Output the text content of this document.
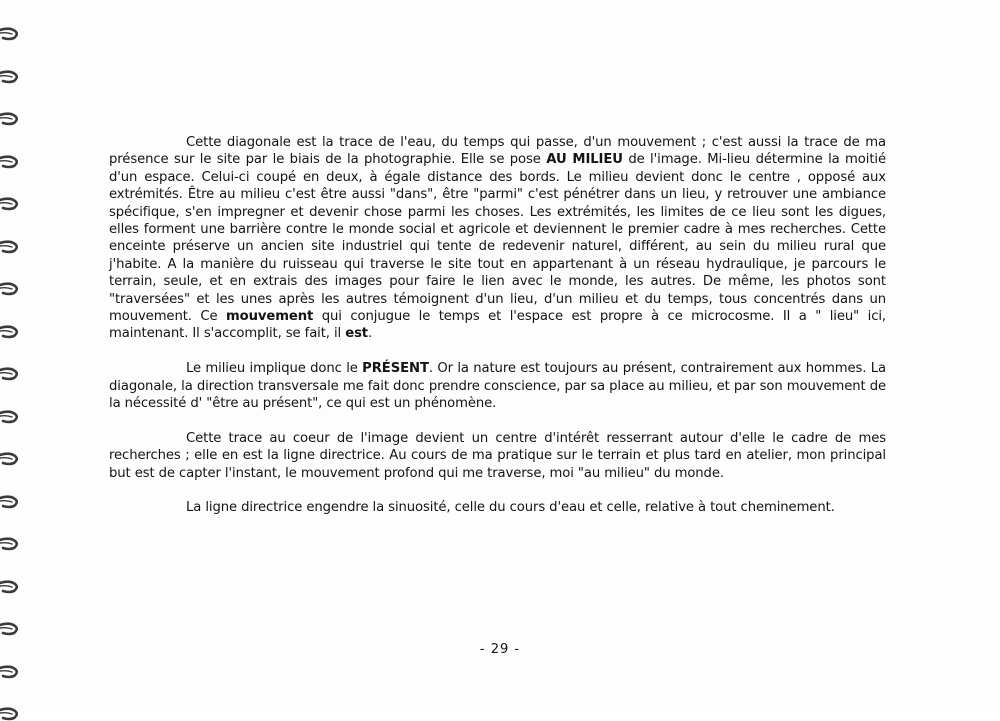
Cette diagonale est la trace de l'eau, du temps qui passe, d'un mouvement ; c'est aussi la trace de ma présence sur le site par le biais de la photographie. Elle se pose AU MILIEU de l'image. Mi-lieu détermine la moitié d'un espace. Celui-ci coupé en deux, à égale distance des bords. Le milieu devient donc le centre , opposé aux extrémités. Être au milieu c'est être aussi "dans", être "parmi" c'est pénétrer dans un lieu, y retrouver une ambiance spécifique, s'en impregner et devenir chose parmi les choses. Les extrémités, les limites de ce lieu sont les digues, elles forment une barrière contre le monde social et agricole et deviennent le premier cadre à mes recherches. Cette enceinte préserve un ancien site industriel qui tente de redevenir naturel, différent, au sein du milieu rural que j'habite. A la manière du ruisseau qui traverse le site tout en appartenant à un réseau hydraulique, je parcours le terrain, seule, et en extrais des images pour faire le lien avec le monde, les autres. De même, les photos sont "traversées" et les unes après les autres témoignent d'un lieu, d'un milieu et du temps, tous concentrés dans un mouvement. Ce mouvement qui conjugue le temps et l'espace est propre à ce microcosme. Il a " lieu" ici, maintenant. Il s'accomplit, se fait, il est.

Le milieu implique donc le PRÉSENT. Or la nature est toujours au présent, contrairement aux hommes. La diagonale, la direction transversale me fait donc prendre conscience, par sa place au milieu, et par son mouvement de la nécessité d' "être au présent", ce qui est un phénomène.

Cette trace au coeur de l'image devient un centre d'intérêt resserrant autour d'elle le cadre de mes recherches ; elle en est la ligne directrice. Au cours de ma pratique sur le terrain et plus tard en atelier, mon principal but est de capter l'instant, le mouvement profond qui me traverse, moi "au milieu" du monde.

La ligne directrice engendre la sinuosité, celle du cours d'eau et celle, relative à tout cheminement.

- 29 -
